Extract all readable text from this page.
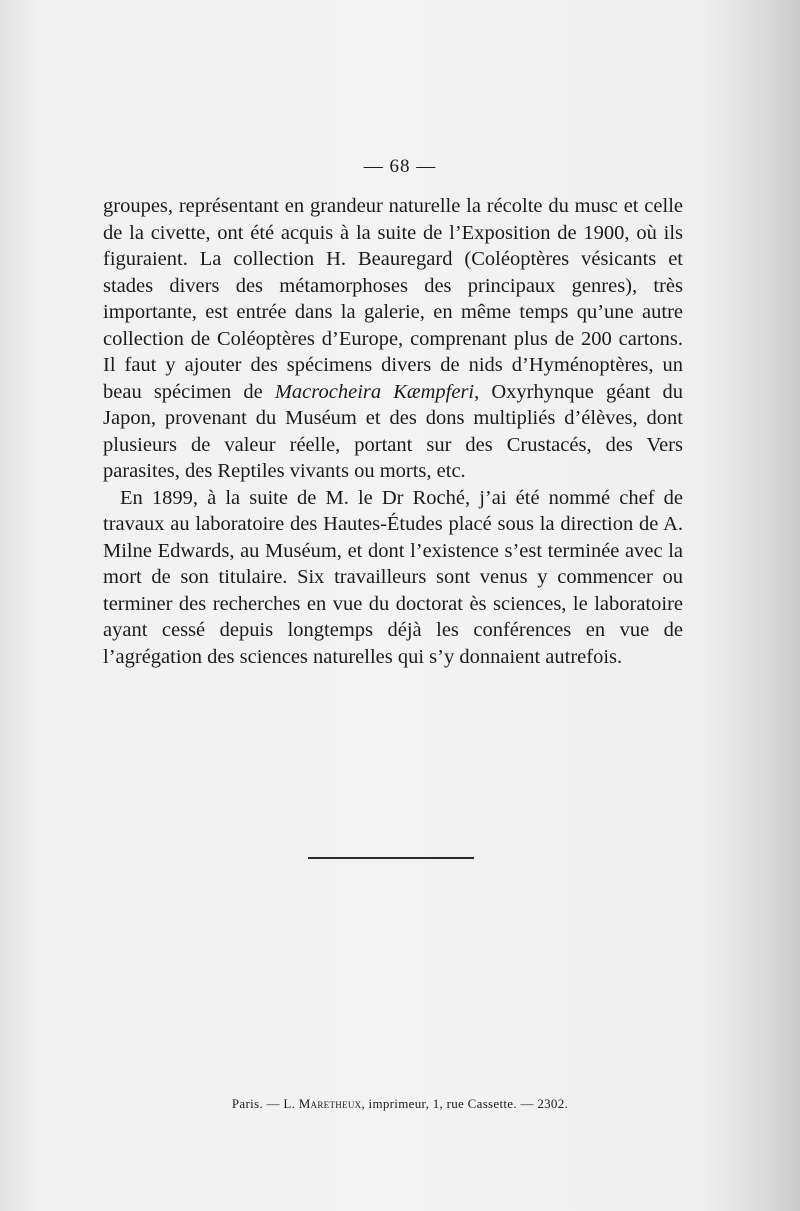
— 68 —

groupes, représentant en grandeur naturelle la récolte du musc et celle de la civette, ont été acquis à la suite de l’Exposition de 1900, où ils figuraient. La collection H. Beauregard (Coléoptères vésicants et stades divers des métamorphoses des principaux genres), très importante, est entrée dans la galerie, en même temps qu’une autre collection de Coléoptères d’Europe, comprenant plus de 200 cartons. Il faut y ajouter des spécimens divers de nids d’Hyménoptères, un beau spécimen de Macrocheira Kæmpferi, Oxyrhynque géant du Japon, provenant du Muséum et des dons multipliés d’élèves, dont plusieurs de valeur réelle, portant sur des Crustacés, des Vers parasites, des Reptiles vivants ou morts, etc.

En 1899, à la suite de M. le Dr Roché, j’ai été nommé chef de travaux au laboratoire des Hautes-Études placé sous la direction de A. Milne Edwards, au Muséum, et dont l’existence s’est terminée avec la mort de son titulaire. Six travailleurs sont venus y commencer ou terminer des recherches en vue du doctorat ès sciences, le laboratoire ayant cessé depuis longtemps déjà les conférences en vue de l’agrégation des sciences naturelles qui s’y donnaient autrefois.

Paris. — L. Maretheux, imprimeur, 1, rue Cassette. — 2302.
